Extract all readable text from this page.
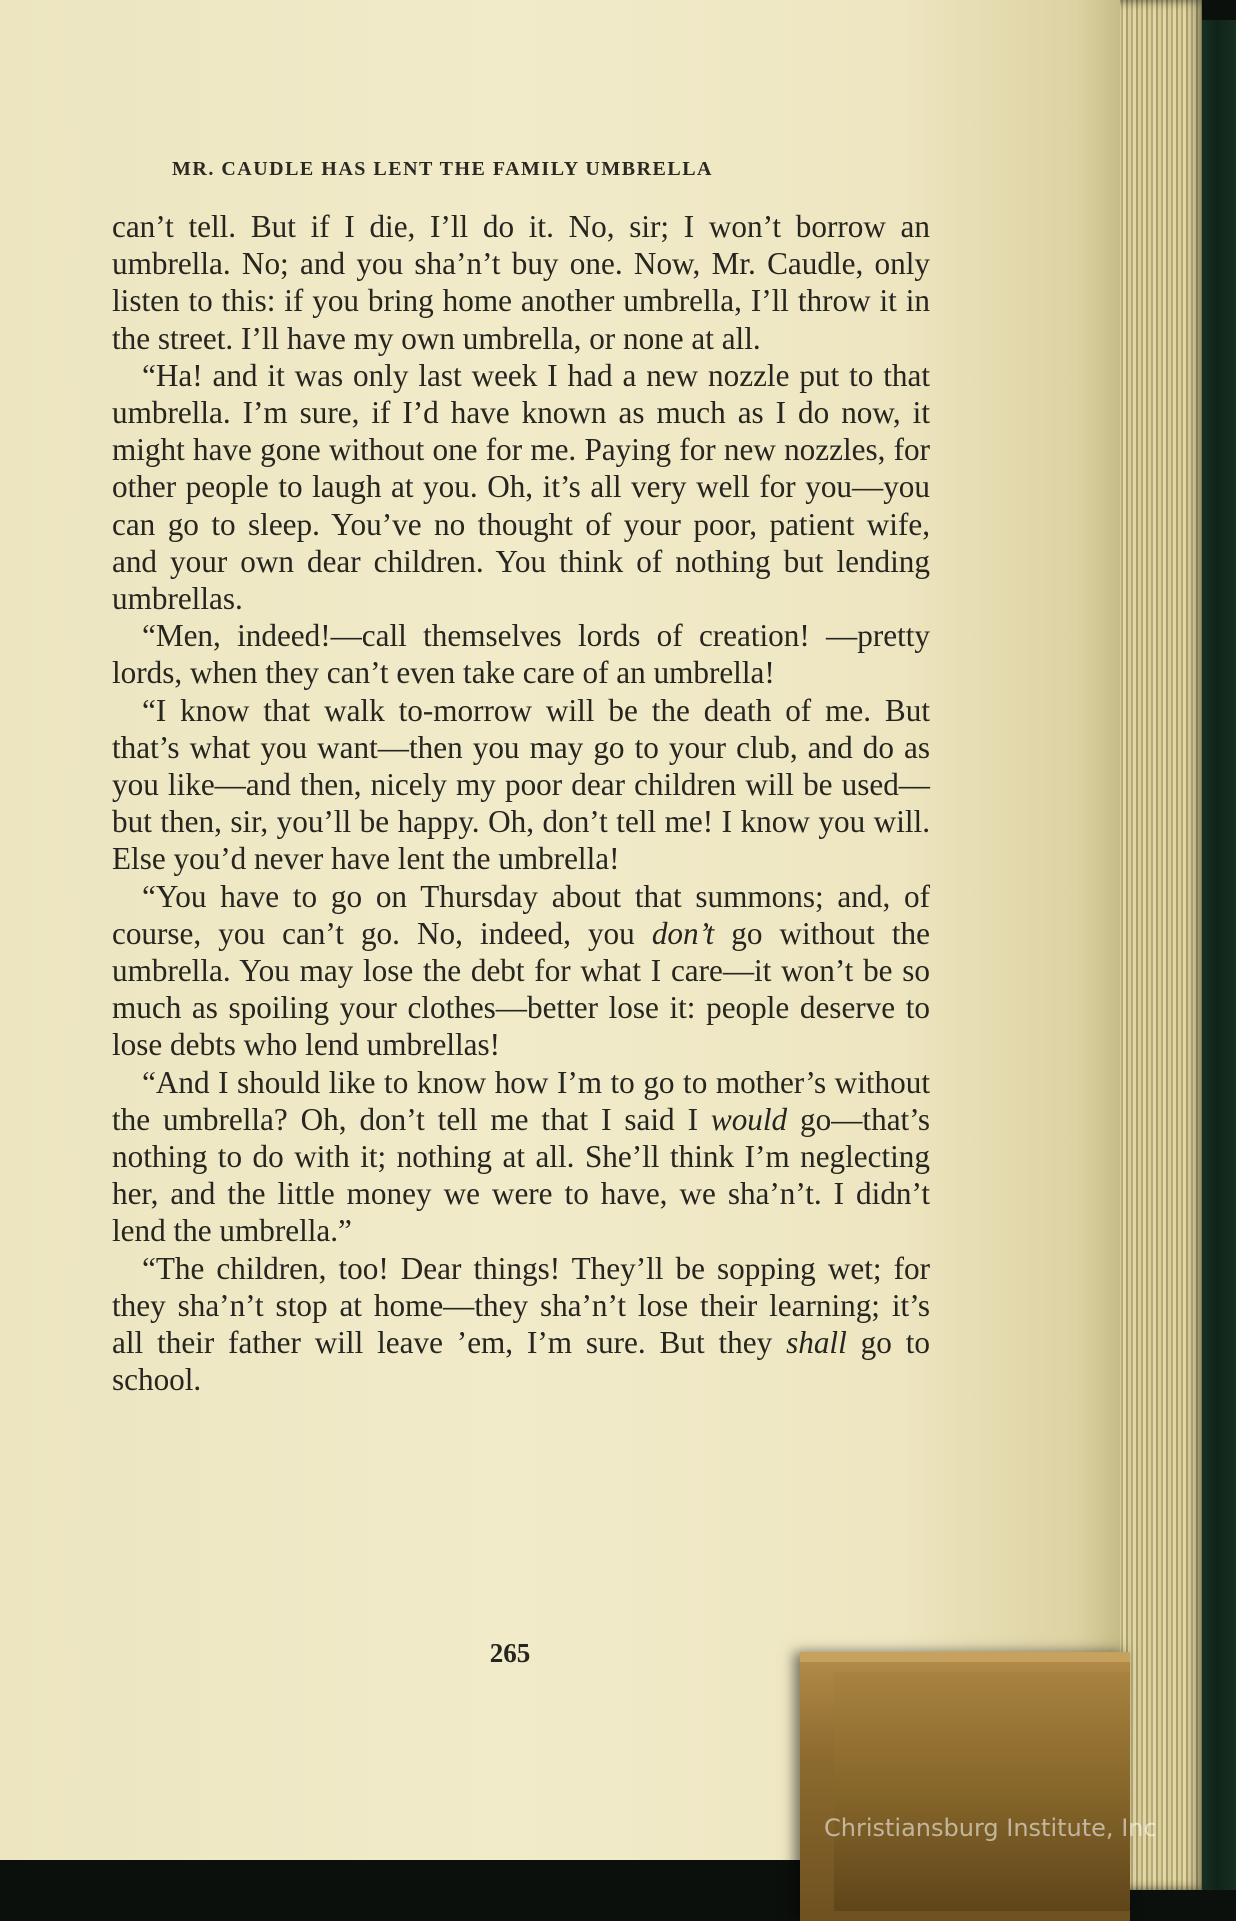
MR. CAUDLE HAS LENT THE FAMILY UMBRELLA

can’t tell. But if I die, I’ll do it. No, sir; I won’t borrow an umbrella. No; and you sha’n’t buy one. Now, Mr. Caudle, only listen to this: if you bring home another umbrella, I’ll throw it in the street. I’ll have my own umbrella, or none at all.

“Ha! and it was only last week I had a new nozzle put to that umbrella. I’m sure, if I’d have known as much as I do now, it might have gone without one for me. Paying for new nozzles, for other people to laugh at you. Oh, it’s all very well for you—you can go to sleep. You’ve no thought of your poor, patient wife, and your own dear children. You think of nothing but lending umbrellas.

“Men, indeed!—call themselves lords of creation! —pretty lords, when they can’t even take care of an umbrella!

“I know that walk to-morrow will be the death of me. But that’s what you want—then you may go to your club, and do as you like—and then, nicely my poor dear children will be used—but then, sir, you’ll be happy. Oh, don’t tell me! I know you will. Else you’d never have lent the umbrella!

“You have to go on Thursday about that summons; and, of course, you can’t go. No, indeed, you don’t go without the umbrella. You may lose the debt for what I care—it won’t be so much as spoiling your clothes—better lose it: people deserve to lose debts who lend umbrellas!

“And I should like to know how I’m to go to mother’s without the umbrella? Oh, don’t tell me that I said I would go—that’s nothing to do with it; nothing at all. She’ll think I’m neglecting her, and the little money we were to have, we sha’n’t. I didn’t lend the umbrella.”

“The children, too! Dear things! They’ll be sopping wet; for they sha’n’t stop at home—they sha’n’t lose their learning; it’s all their father will leave ’em, I’m sure. But they shall go to school.

265
Christiansburg Institute, Inc
